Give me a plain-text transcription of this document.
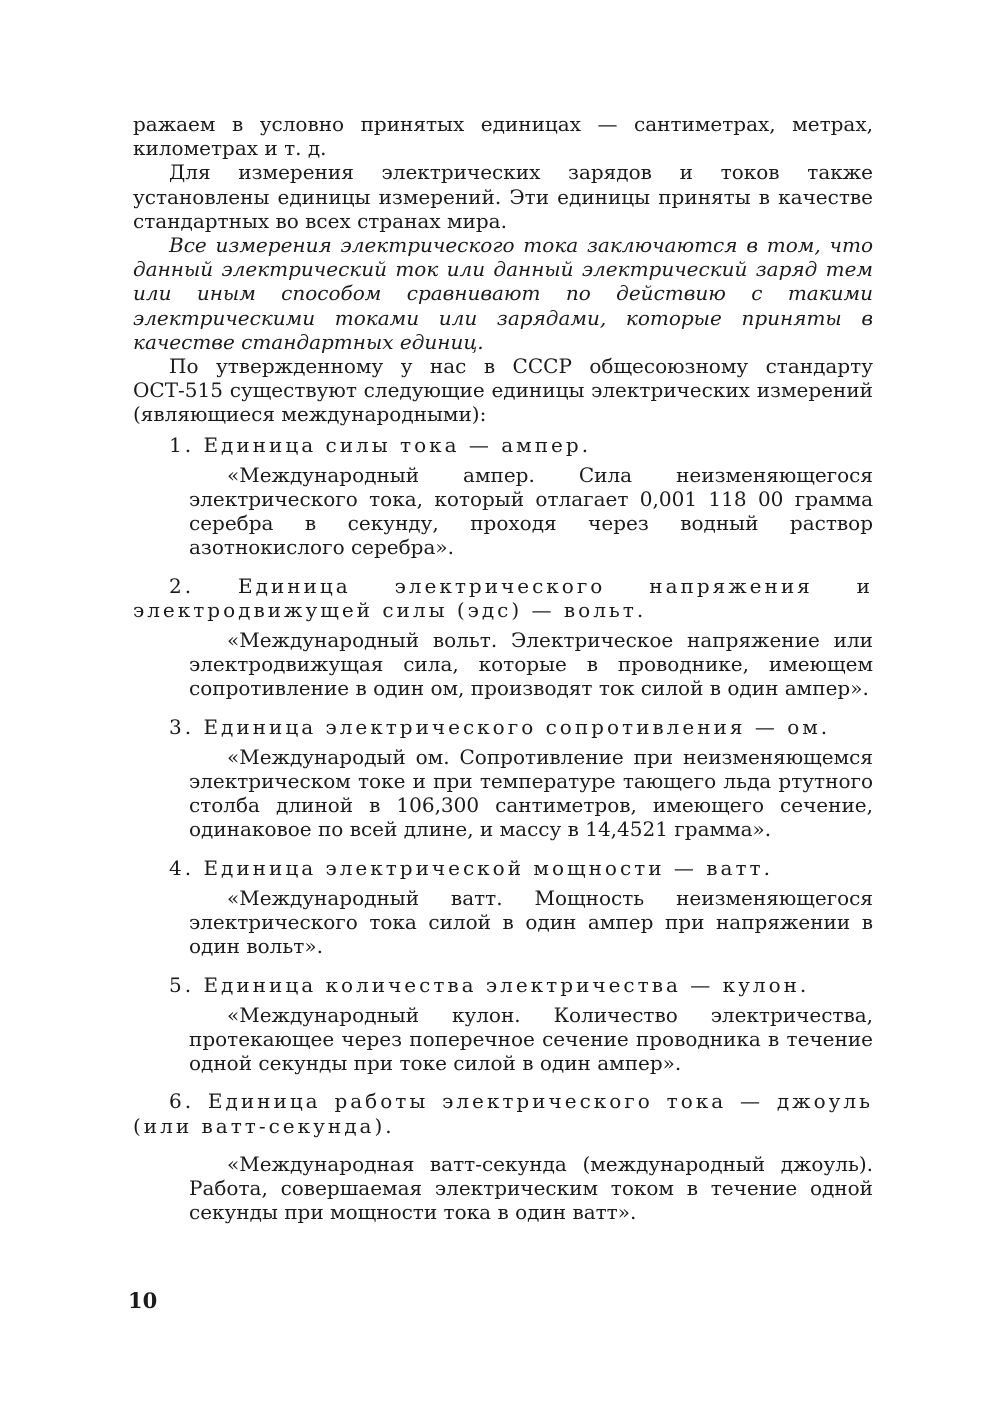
ражаем в условно принятых единицах — сантиметрах, метрах, километрах и т. д.

Для измерения электрических зарядов и токов также установлены единицы измерений. Эти единицы приняты в качестве стандартных во всех странах мира.

Все измерения электрического тока заключаются в том, что данный электрический ток или данный электрический заряд тем или иным способом сравнивают по действию с такими электрическими токами или зарядами, которые приняты в качестве стандартных единиц.

По утвержденному у нас в СССР общесоюзному стандарту ОСТ-515 существуют следующие единицы электрических измерений (являющиеся международными):

1. Единица силы тока — ампер.

«Международный ампер. Сила неизменяющегося электрического тока, который отлагает 0,001 118 00 грамма серебра в секунду, проходя через водный раствор азотнокислого серебра».

2. Единица электрического напряжения и электродвижущей силы (эдс) — вольт.

«Международный вольт. Электрическое напряжение или электродвижущая сила, которые в проводнике, имеющем сопротивление в один ом, производят ток силой в один ампер».

3. Единица электрического сопротивления — ом.

«Международый ом. Сопротивление при неизменяющемся электрическом токе и при температуре тающего льда ртутного столба длиной в 106,300 сантиметров, имеющего сечение, одинаковое по всей длине, и массу в 14,4521 грамма».

4. Единица электрической мощности — ватт.

«Международный ватт. Мощность неизменяющегося электрического тока силой в один ампер при напряжении в один вольт».

5. Единица количества электричества — кулон.

«Международный кулон. Количество электричества, протекающее через поперечное сечение проводника в течение одной секунды при токе силой в один ампер».

6. Единица работы электрического тока — джоуль (или ватт-секунда).

«Международная ватт-секунда (международный джоуль). Работа, совершаемая электрическим током в течение одной секунды при мощности тока в один ватт».

10
